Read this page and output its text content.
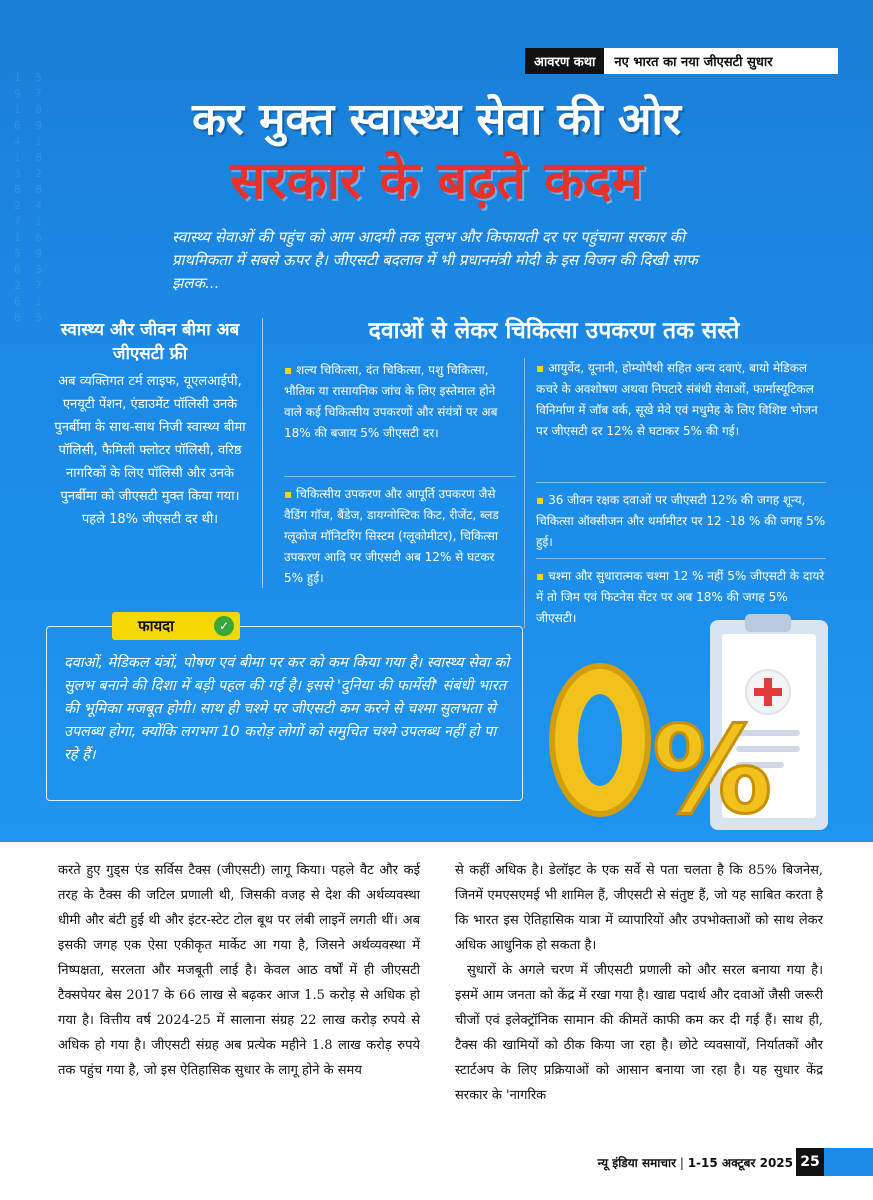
1 5
9 7
1 0
6 9
4 1
1 8
3 2
8 8
2 4
7 1
1 6
5 9
0 3
2 7
6 1
8 5
आवरण कथा	नए भारत का नया जीएसटी सुधार
कर मुक्त स्वास्थ्य सेवा की ओर
सरकार के बढ़ते कदम

स्वास्थ्य सेवाओं की पहुंच को आम आदमी तक सुलभ और किफायती दर पर पहुंचाना सरकार की प्राथमिकता में सबसे ऊपर है। जीएसटी बदलाव में भी प्रधानमंत्री मोदी के इस विजन की दिखी साफ झलक...

स्वास्थ्य और जीवन बीमा अब जीएसटी फ्री

अब व्यक्तिगत टर्म लाइफ, यूएलआईपी, एनयूटी पेंशन, एंडाउमेंट पॉलिसी उनके पुनर्बीमा के साथ-साथ निजी स्वास्थ्य बीमा पॉलिसी, फैमिली फ्लोटर पॉलिसी, वरिष्ठ नागरिकों के लिए पॉलिसी और उनके पुनर्बीमा को जीएसटी मुक्त किया गया। पहले 18% जीएसटी दर थी।

दवाओं से लेकर चिकित्सा उपकरण तक सस्ते
▪ शल्य चिकित्सा, दंत चिकित्सा, पशु चिकित्सा, भौतिक या रासायनिक जांच के लिए इस्तेमाल होने वाले कई चिकित्सीय उपकरणों और संयंत्रों पर अब 18% की बजाय 5% जीएसटी दर।
▪ चिकित्सीय उपकरण और आपूर्ति उपकरण जैसे वैडिंग गॉज, बैंडेज, डायग्नोस्टिक किट, रीजेंट, ब्लड ग्लूकोज मॉनिटरिंग सिस्टम (ग्लूकोमीटर), चिकित्सा उपकरण आदि पर जीएसटी अब 12% से घटकर 5% हुई।
▪ आयुर्वेद, यूनानी, होम्योपैथी सहित अन्य दवाएं, बायो मेडिकल कचरे के अवशोषण अथवा निपटारे संबंधी सेवाओं, फार्मास्यूटिकल विनिर्माण में जॉब वर्क, सूखे मेवे एवं मधुमेह के लिए विशिष्ट भोजन पर जीएसटी दर 12% से घटाकर 5% की गई।
▪ 36 जीवन रक्षक दवाओं पर जीएसटी 12% की जगह शून्य, चिकित्सा ऑक्सीजन और थर्मामीटर पर 12 -18 % की जगह 5% हुई।
▪ चश्मा और सुधारात्मक चश्मा 12 % नहीं 5% जीएसटी के दायरे में तो जिम एवं फिटनेस सेंटर पर अब 18% की जगह 5% जीएसटी।
फायदा	✓

दवाओं, मेडिकल यंत्रों, पोषण एवं बीमा पर कर को कम किया गया है। स्वास्थ्य सेवा को सुलभ बनाने की दिशा में बड़ी पहल की गई है। इससे 'दुनिया की फार्मेसी' संबंधी भारत की भूमिका मजबूत होगी। साथ ही चश्मे पर जीएसटी कम करने से चश्मा सुलभता से उपलब्ध होगा, क्योंकि लगभग 10 करोड़ लोगों को समुचित चश्मे उपलब्ध नहीं हो पा रहे हैं।	%
करते हुए गुड्स एंड सर्विस टैक्स (जीएसटी) लागू किया। पहले वैट और कई तरह के टैक्स की जटिल प्रणाली थी, जिसकी वजह से देश की अर्थव्यवस्था धीमी और बंटी हुई थी और इंटर-स्टेट टोल बूथ पर लंबी लाइनें लगती थीं। अब इसकी जगह एक ऐसा एकीकृत मार्केट आ गया है, जिसने अर्थव्यवस्था में निष्पक्षता, सरलता और मजबूती लाई है। केवल आठ वर्षों में ही जीएसटी टैक्सपेयर बेस 2017 के 66 लाख से बढ़कर आज 1.5 करोड़ से अधिक हो गया है। वित्तीय वर्ष 2024-25 में सालाना संग्रह 22 लाख करोड़ रुपये से अधिक हो गया है। जीएसटी संग्रह अब प्रत्येक महीने 1.8 लाख करोड़ रुपये तक पहुंच गया है, जो इस ऐतिहासिक सुधार के लागू होने के समय

से कहीं अधिक है। डेलॉइट के एक सर्वे से पता चलता है कि 85% बिजनेस, जिनमें एमएसएमई भी शामिल हैं, जीएसटी से संतुष्ट हैं, जो यह साबित करता है कि भारत इस ऐतिहासिक यात्रा में व्यापारियों और उपभोक्ताओं को साथ लेकर अधिक आधुनिक हो सकता है।

सुधारों के अगले चरण में जीएसटी प्रणाली को और सरल बनाया गया है। इसमें आम जनता को केंद्र में रखा गया है। खाद्य पदार्थ और दवाओं जैसी जरूरी चीजों एवं इलेक्ट्रॉनिक सामान की कीमतें काफी कम कर दी गई हैं। साथ ही, टैक्स की खामियों को ठीक किया जा रहा है। छोटे व्यवसायों, निर्यातकों और स्टार्टअप के लिए प्रक्रियाओं को आसान बनाया जा रहा है। यह सुधार केंद्र सरकार के 'नागरिक

न्यू इंडिया समाचार | 1-15 अक्टूबर 2025 25
